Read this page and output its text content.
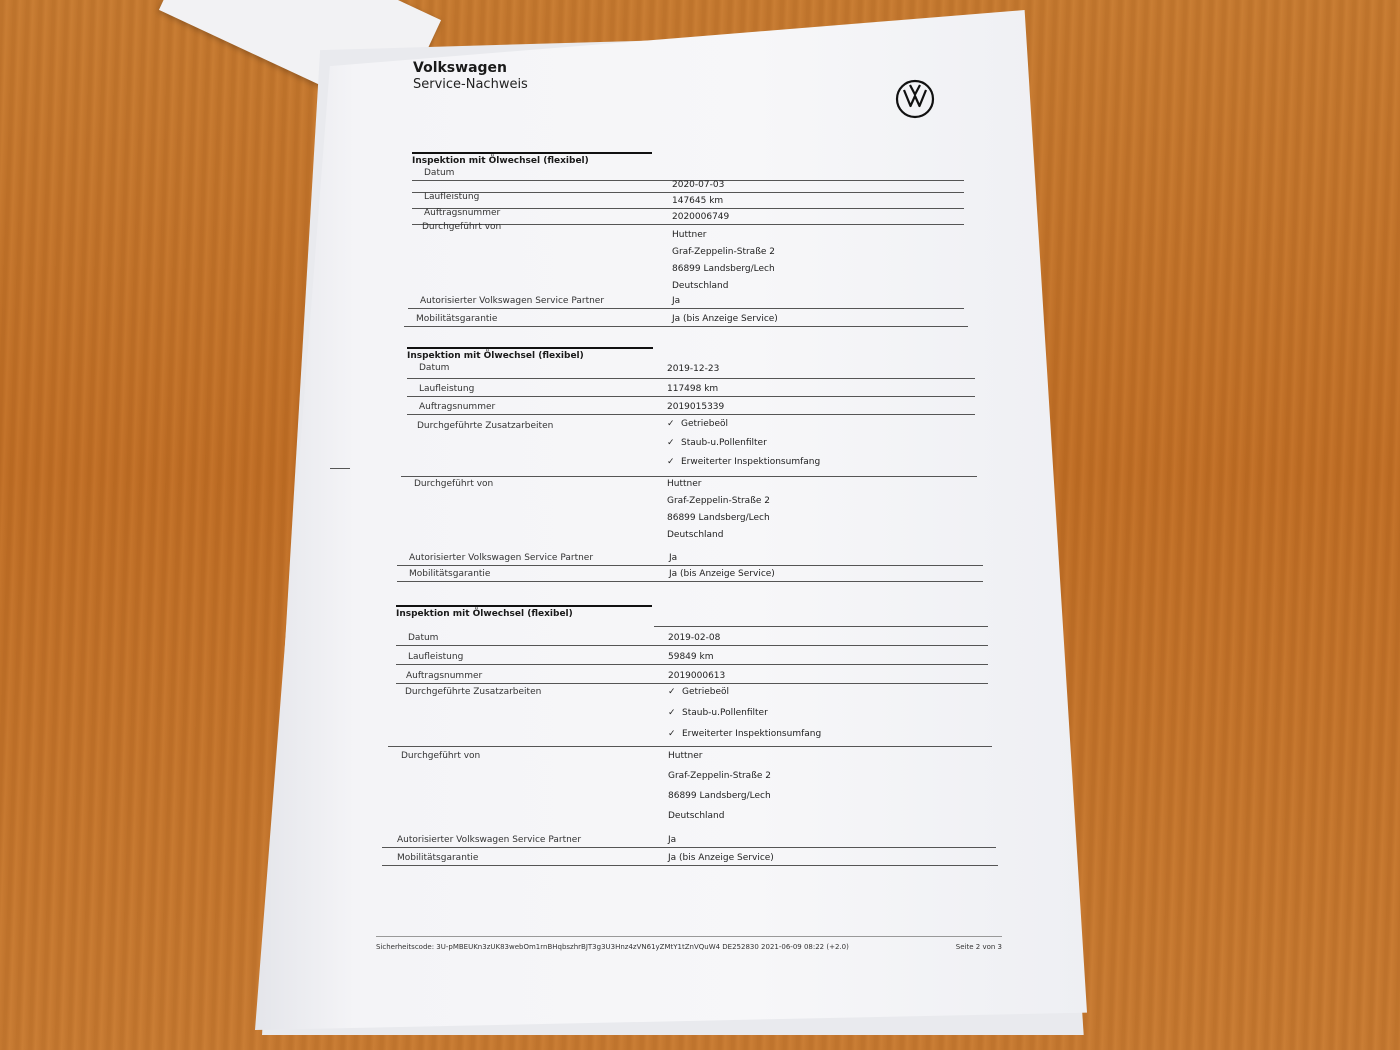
Volkswagen
Service-Nachweis
Inspektion mit Ölwechsel (flexibel)
Datum
2020-07-03
Laufleistung	147645 km
Auftragsnummer	2020006749
Durchgeführt von
Huttner
Graf-Zeppelin-Straße 2
86899 Landsberg/Lech
Deutschland
Autorisierter Volkswagen Service Partner	Ja
Mobilitätsgarantie	Ja (bis Anzeige Service)
Inspektion mit Ölwechsel (flexibel)
Datum	2019-12-23
Laufleistung	117498 km
Auftragsnummer	2019015339
Durchgeführte Zusatzarbeiten	✓ Getriebeöl
✓ Staub-u.Pollenfilter
✓ Erweiterter Inspektionsumfang
Durchgeführt von	Huttner
Graf-Zeppelin-Straße 2
86899 Landsberg/Lech
Deutschland
Autorisierter Volkswagen Service Partner	Ja
Mobilitätsgarantie	Ja (bis Anzeige Service)
Inspektion mit Ölwechsel (flexibel)
Datum	2019-02-08
Laufleistung	59849 km
Auftragsnummer	2019000613
Durchgeführte Zusatzarbeiten	✓ Getriebeöl
✓ Staub-u.Pollenfilter
✓ Erweiterter Inspektionsumfang
Durchgeführt von	Huttner
Graf-Zeppelin-Straße 2
86899 Landsberg/Lech
Deutschland
Autorisierter Volkswagen Service Partner	Ja
Mobilitätsgarantie	Ja (bis Anzeige Service)
Sicherheitscode: 3U-pMBEUKn3zUK83webOm1rnBHqbszhrBJT3g3U3Hnz4zVN61yZMtY1tZnVQuW4 DE252830 2021-06-09 08:22 (+2.0)	Seite 2 von 3
